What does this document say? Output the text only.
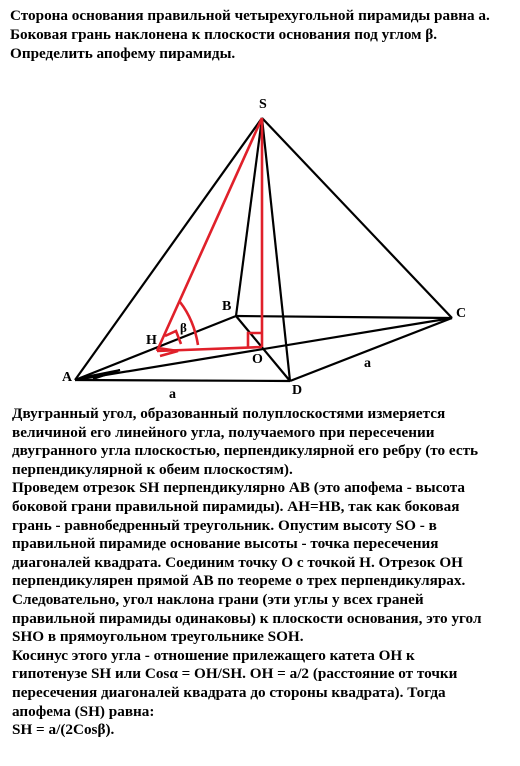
Сторона основания правильной четырехугольной пирамиды равна a.
Боковая грань наклонена к плоскости основания под углом β.
Определить апофему пирамиды.
S
A
B	C
D
O
H
β
a
a
Двугранный угол, образованный полуплоскостями измеряется
величиной его линейного угла, получаемого при пересечении
двугранного угла плоскостью, перпендикулярной его ребру (то есть
перпендикулярной к обеим плоскостям).
Проведем отрезок SH перпендикулярно AB (это апофема - высота
боковой грани правильной пирамиды). AH=HB, так как боковая
грань - равнобедренный треугольник. Опустим высоту SO - в
правильной пирамиде основание высоты - точка пересечения
диагоналей квадрата. Соединим точку O с точкой H. Отрезок OH
перпендикулярен прямой AB по теореме о трех перпендикулярах.
Следовательно, угол наклона грани (эти углы у всех граней
правильной пирамиды одинаковы) к плоскости основания, это угол
SHO в прямоугольном треугольнике SOH.
Косинус этого угла - отношение прилежащего катета OH к
гипотенузе SH или Cosα = OH/SH. OH = a/2 (расстояние от точки
пересечения диагоналей квадрата до стороны квадрата). Тогда
апофема (SH) равна:
SH = a/(2Cosβ).
